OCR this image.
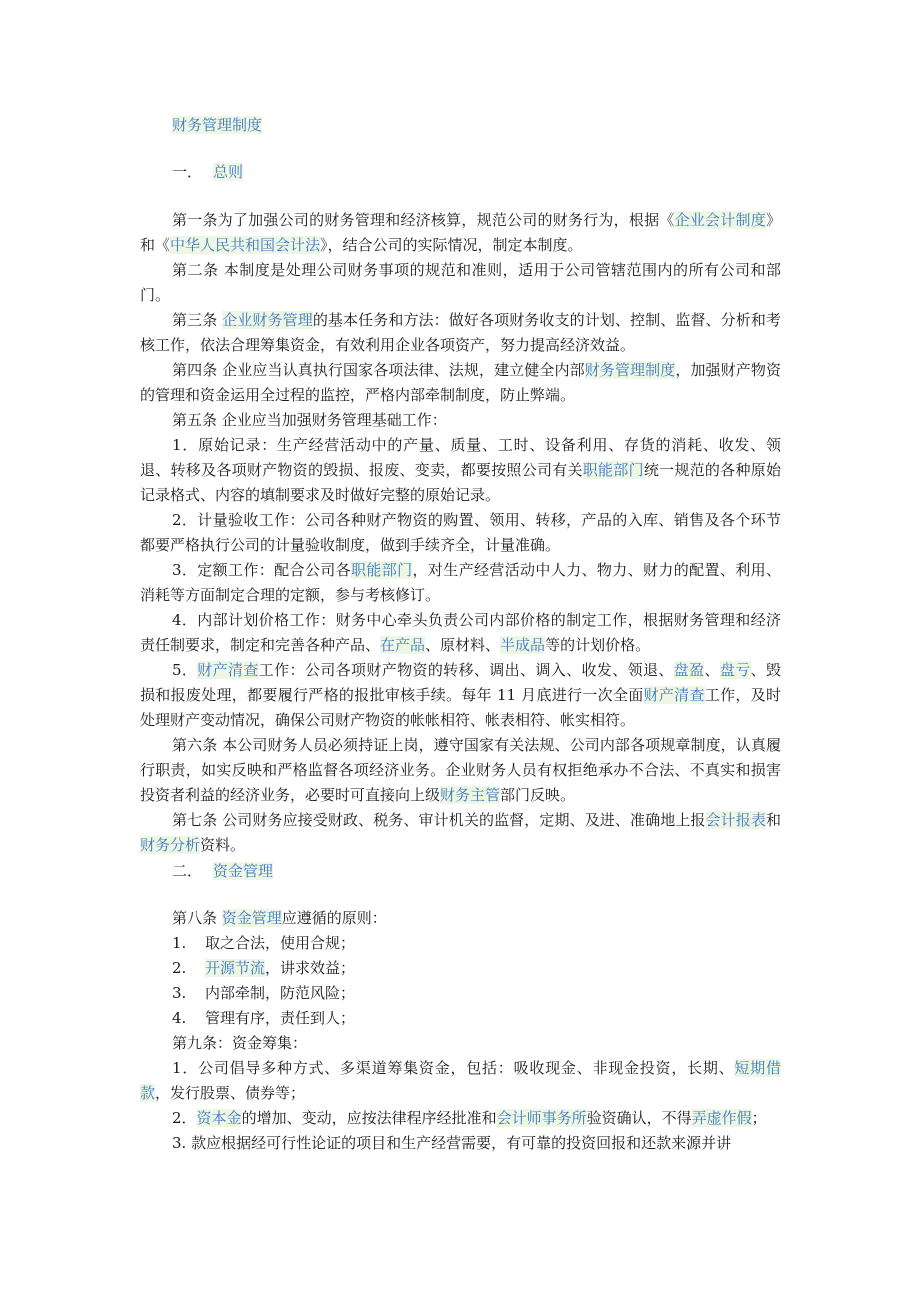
财务管理制度
一． 总则

第一条为了加强公司的财务管理和经济核算，规范公司的财务行为，根据《企业会计制度》和《中华人民共和国会计法》，结合公司的实际情况，制定本制度。

第二条 本制度是处理公司财务事项的规范和准则，适用于公司管辖范围内的所有公司和部门。

第三条 企业财务管理的基本任务和方法：做好各项财务收支的计划、控制、监督、分析和考核工作，依法合理筹集资金，有效利用企业各项资产，努力提高经济效益。

第四条 企业应当认真执行国家各项法律、法规，建立健全内部财务管理制度，加强财产物资的管理和资金运用全过程的监控，严格内部牵制制度，防止弊端。

第五条 企业应当加强财务管理基础工作：

1．原始记录：生产经营活动中的产量、质量、工时、设备利用、存货的消耗、收发、领退、转移及各项财产物资的毁损、报废、变卖，都要按照公司有关职能部门统一规范的各种原始记录格式、内容的填制要求及时做好完整的原始记录。

2．计量验收工作：公司各种财产物资的购置、领用、转移，产品的入库、销售及各个环节都要严格执行公司的计量验收制度，做到手续齐全，计量准确。

3．定额工作：配合公司各职能部门，对生产经营活动中人力、物力、财力的配置、利用、消耗等方面制定合理的定额，参与考核修订。

4．内部计划价格工作：财务中心牵头负责公司内部价格的制定工作，根据财务管理和经济责任制要求，制定和完善各种产品、在产品、原材料、半成品等的计划价格。

5．财产清查工作：公司各项财产物资的转移、调出、调入、收发、领退、盘盈、盘亏、毁损和报废处理，都要履行严格的报批审核手续。每年 11 月底进行一次全面财产清查工作，及时处理财产变动情况，确保公司财产物资的帐帐相符、帐表相符、帐实相符。

第六条 本公司财务人员必须持证上岗，遵守国家有关法规、公司内部各项规章制度，认真履行职责，如实反映和严格监督各项经济业务。企业财务人员有权拒绝承办不合法、不真实和损害投资者利益的经济业务，必要时可直接向上级财务主管部门反映。

第七条 公司财务应接受财政、税务、审计机关的监督，定期、及进、准确地上报会计报表和财务分析资料。

二． 资金管理

第八条 资金管理应遵循的原则：

1. 取之合法，使用合规；

2. 开源节流，讲求效益；

3. 内部牵制，防范风险；

4. 管理有序，责任到人；

第九条：资金筹集：

1．公司倡导多种方式、多渠道筹集资金，包括：吸收现金、非现金投资，长期、短期借款，发行股票、债券等；

2．资本金的增加、变动，应按法律程序经批准和会计师事务所验资确认，不得弄虚作假；

3. 款应根据经可行性论证的项目和生产经营需要，有可靠的投资回报和还款来源并讲
